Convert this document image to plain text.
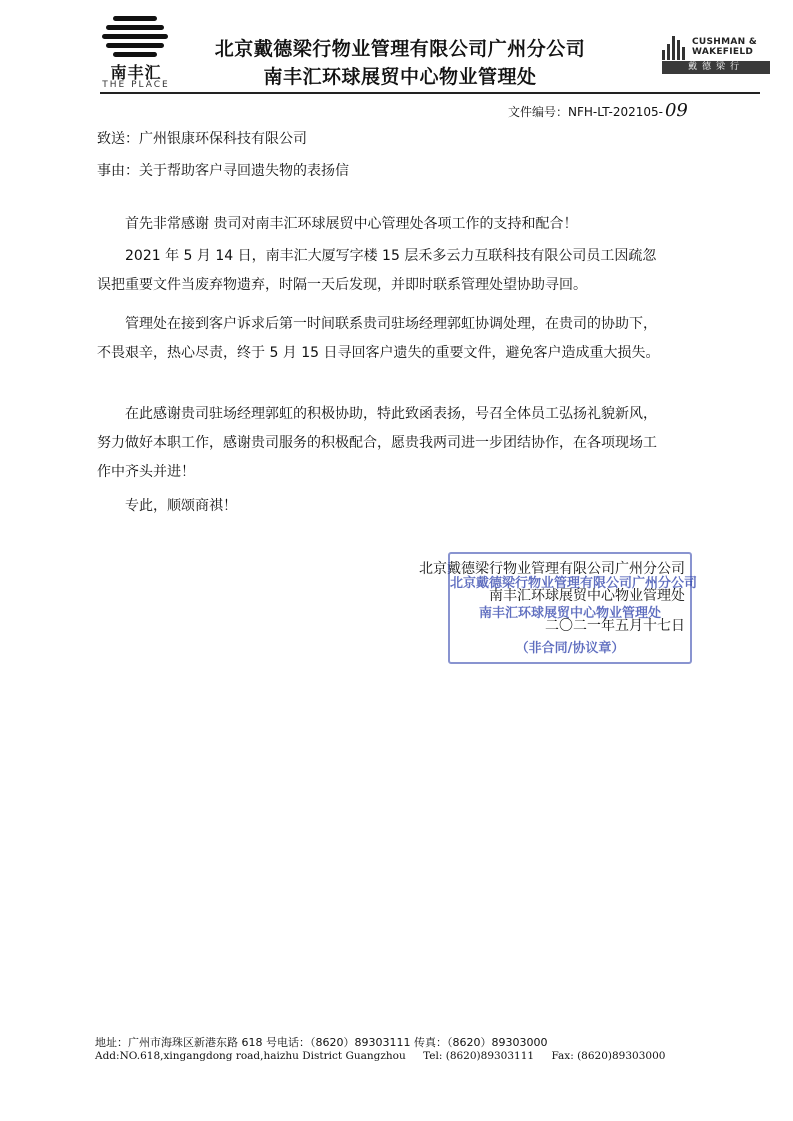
南丰汇
THE PLACE
北京戴德梁行物业管理有限公司广州分公司
南丰汇环球展贸中心物业管理处
CUSHMAN &
WAKEFIELD
戴德梁行
文件编号：NFH-LT-202105- 09
致送：广州银康环保科技有限公司
事由：关于帮助客户寻回遗失物的表扬信

首先非常感谢 贵司对南丰汇环球展贸中心管理处各项工作的支持和配合！

2021 年 5 月 14 日，南丰汇大厦写字楼 15 层禾多云力互联科技有限公司员工因疏忽误把重要文件当废弃物遗弃，时隔一天后发现，并即时联系管理处望协助寻回。

管理处在接到客户诉求后第一时间联系贵司驻场经理郭虹协调处理，在贵司的协助下，不畏艰辛，热心尽责，终于 5 月 15 日寻回客户遗失的重要文件，避免客户造成重大损失。

在此感谢贵司驻场经理郭虹的积极协助，特此致函表扬，号召全体员工弘扬礼貌新风，努力做好本职工作，感谢贵司服务的积极配合，愿贵我两司进一步团结协作，在各项现场工作中齐头并进！

专此，顺颂商祺！

北京戴德梁行物业管理有限公司广州分公司
南丰汇环球展贸中心物业管理处
二〇二一年五月十七日
北京戴德梁行物业管理有限公司广州分公司
南丰汇环球展贸中心物业管理处
（非合同/协议章）
地址：广州市海珠区新港东路 618 号电话：（8620）89303111 传真：（8620）89303000
Add:NO.618,xingangdong road,haizhu District Guangzhou Tel: (8620)89303111 Fax: (8620)89303000
